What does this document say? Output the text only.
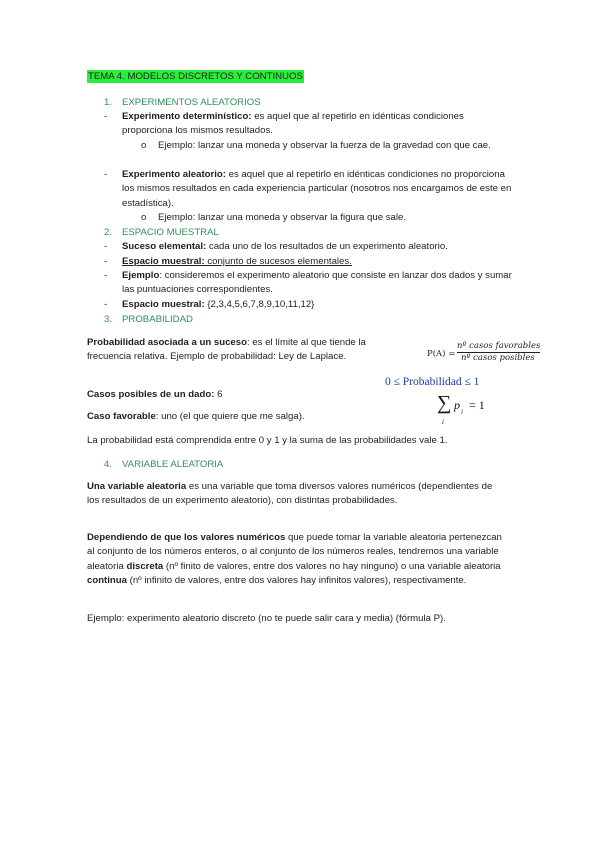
TEMA 4. MODELOS DISCRETOS Y CONTINUOS
1. EXPERIMENTOS ALEATORIOS
- Experimento determinístico: es aquel que al repetirlo en idénticas condiciones proporciona los mismos resultados.
o Ejemplo: lanzar una moneda y observar la fuerza de la gravedad con que cae.
- Experimento aleatorio: es aquel que al repetirlo en idénticas condiciones no proporciona los mismos resultados en cada experiencia particular (nosotros nos encargamos de este en estadística).
o Ejemplo: lanzar una moneda y observar la figura que sale.
2. ESPACIO MUESTRAL
- Suceso elemental: cada uno de los resultados de un experimento aleatorio.
- Espacio muestral: conjunto de sucesos elementales.
- Ejemplo: consideremos el experimento aleatorio que consiste en lanzar dos dados y sumar las puntuaciones correspondientes.
- Espacio muestral: {2,3,4,5,6,7,8,9,10,11,12}
3. PROBABILIDAD
Probabilidad asociada a un suceso: es el límite al que tiende la frecuencia relativa. Ejemplo de probabilidad: Ley de Laplace.
Casos posibles de un dado: 6
Caso favorable: uno (el que quiere que me salga).
La probabilidad está comprendida entre 0 y 1 y la suma de las probabilidades vale 1.
P(A) =
nº casos favorables
nº casos posibles
0 ≤ Probabilidad ≤ 1
∑
i
p i = 1
4. VARIABLE ALEATORIA
Una variable aleatoria es una variable que toma diversos valores numéricos (dependientes de los resultados de un experimento aleatorio), con distintas probabilidades.
Dependiendo de que los valores numéricos que puede tomar la variable aleatoria pertenezcan al conjunto de los números enteros, o al conjunto de los números reales, tendremos una variable aleatoria discreta (nº finito de valores, entre dos valores no hay ninguno) o una variable aleatoria continua (nº infinito de valores, entre dos valores hay infinitos valores), respectivamente.
Ejemplo: experimento aleatorio discreto (no te puede salir cara y media) (fórmula P).
